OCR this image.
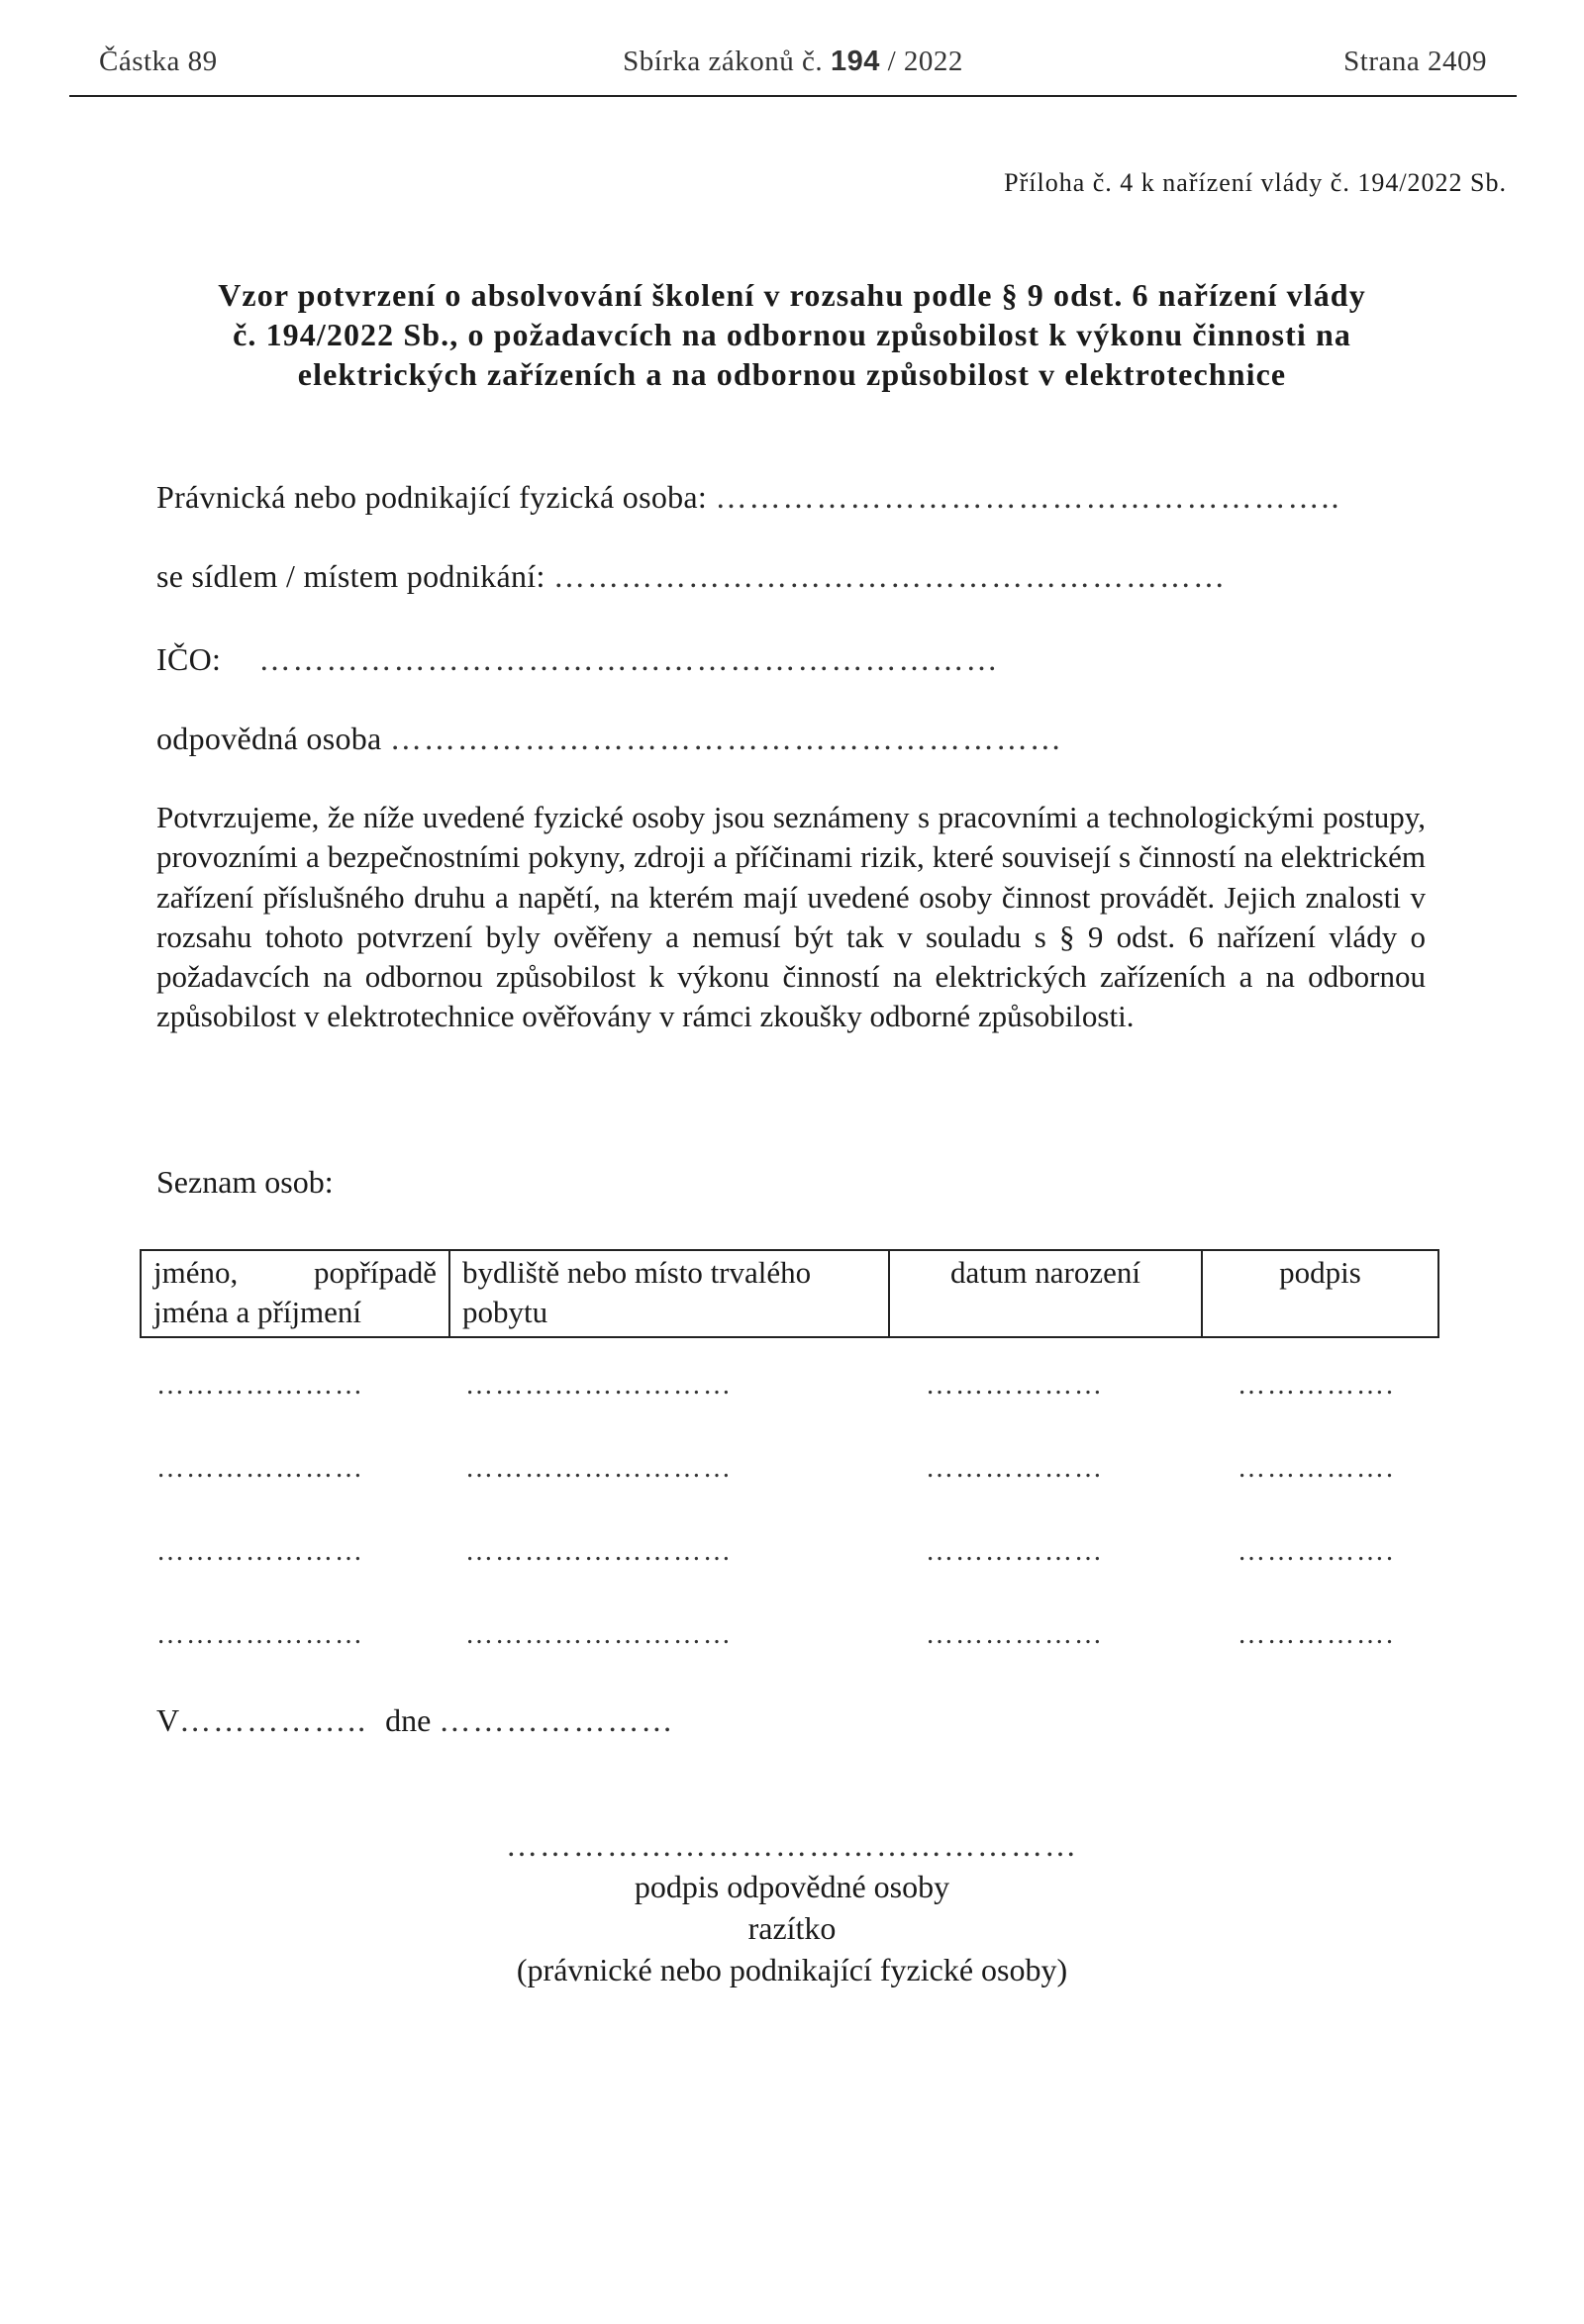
Částka 89	Sbírka zákonů č. 194 / 2022	Strana 2409
Příloha č. 4 k nařízení vlády č. 194/2022 Sb.
Vzor potvrzení o absolvování školení v rozsahu podle § 9 odst. 6 nařízení vlády
č. 194/2022 Sb., o požadavcích na odbornou způsobilost k výkonu činnosti na
elektrických zařízeních a na odbornou způsobilost v elektrotechnice
Právnická nebo podnikající fyzická osoba: ………………………………………………..
se sídlem / místem podnikání: ……………………………………………………
IČO: …………………………………………………………
odpovědná osoba ……………………………………………………
Potvrzujeme, že níže uvedené fyzické osoby jsou seznámeny s pracovními a technologickými postupy, provozními a bezpečnostními pokyny, zdroji a příčinami rizik, které souvisejí s činností na elektrickém zařízení příslušného druhu a napětí, na kterém mají uvedené osoby činnost provádět. Jejich znalosti v rozsahu tohoto potvrzení byly ověřeny a nemusí být tak v souladu s § 9 odst. 6 nařízení vlády o požadavcích na odbornou způsobilost k výkonu činností na elektrických zařízeních a na odbornou způsobilost v elektrotechnice ověřovány v rámci zkoušky odborné způsobilosti.
Seznam osob:
jméno, popřípadě jména a příjmení	bydliště nebo místo trvalého pobytu	datum narození	podpis
…………………	………………………	………………	…………….
…………………	………………………	………………	…………….
…………………	………………………	………………	…………….
…………………	………………………	………………	…………….
V…………….. dne …………………
……………………………………………
podpis odpovědné osoby
razítko
(právnické nebo podnikající fyzické osoby)
